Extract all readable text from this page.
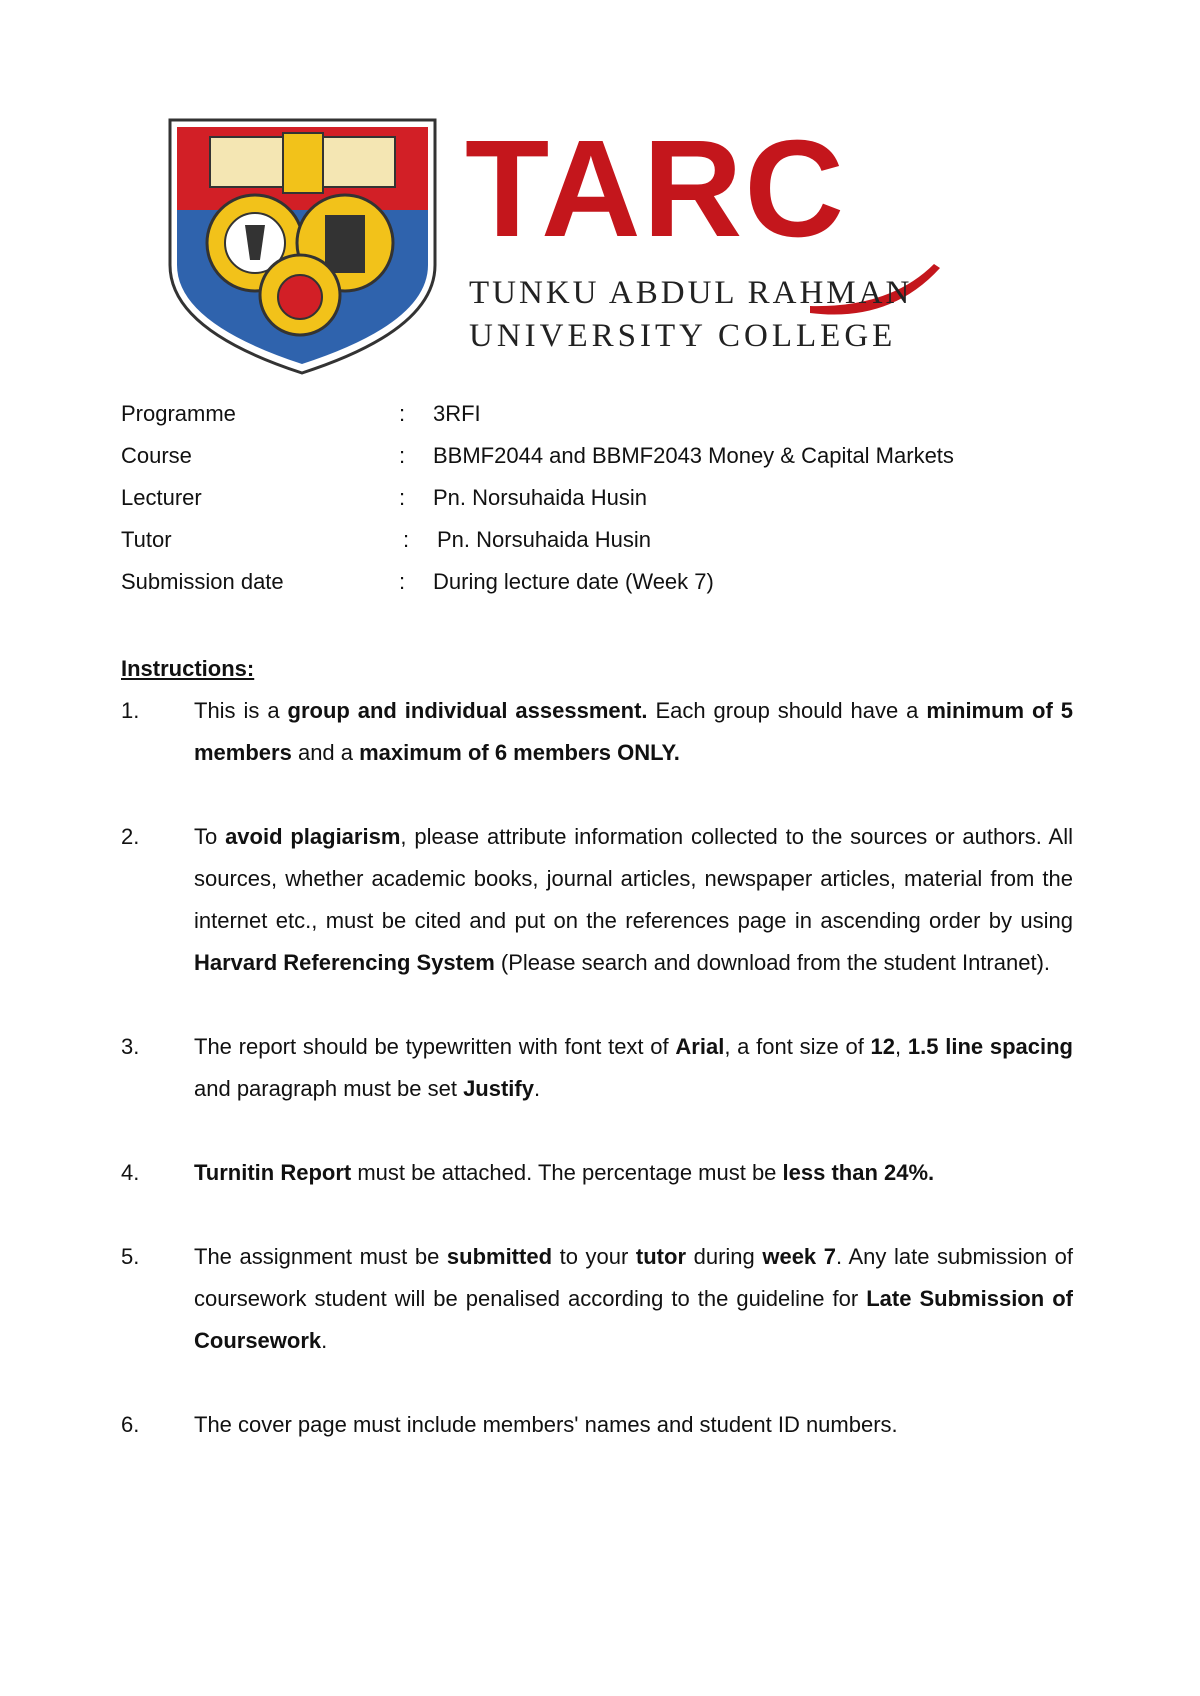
TARC
TUNKU ABDUL RAHMAN
UNIVERSITY COLLEGE
Programme	: 3RFI
Course	: BBMF2044 and BBMF2043 Money & Capital Markets
Lecturer	: Pn. Norsuhaida Husin
Tutor	: Pn. Norsuhaida Husin
Submission date	: During lecture date (Week 7)
Instructions:
1. This is a group and individual assessment. Each group should have a minimum of 5 members and a maximum of 6 members ONLY.
2. To avoid plagiarism, please attribute information collected to the sources or authors. All sources, whether academic books, journal articles, newspaper articles, material from the internet etc., must be cited and put on the references page in ascending order by using Harvard Referencing System (Please search and download from the student Intranet).
3. The report should be typewritten with font text of Arial, a font size of 12, 1.5 line spacing and paragraph must be set Justify.
4. Turnitin Report must be attached. The percentage must be less than 24%.
5. The assignment must be submitted to your tutor during week 7. Any late submission of coursework student will be penalised according to the guideline for Late Submission of Coursework.
6. The cover page must include members' names and student ID numbers.
